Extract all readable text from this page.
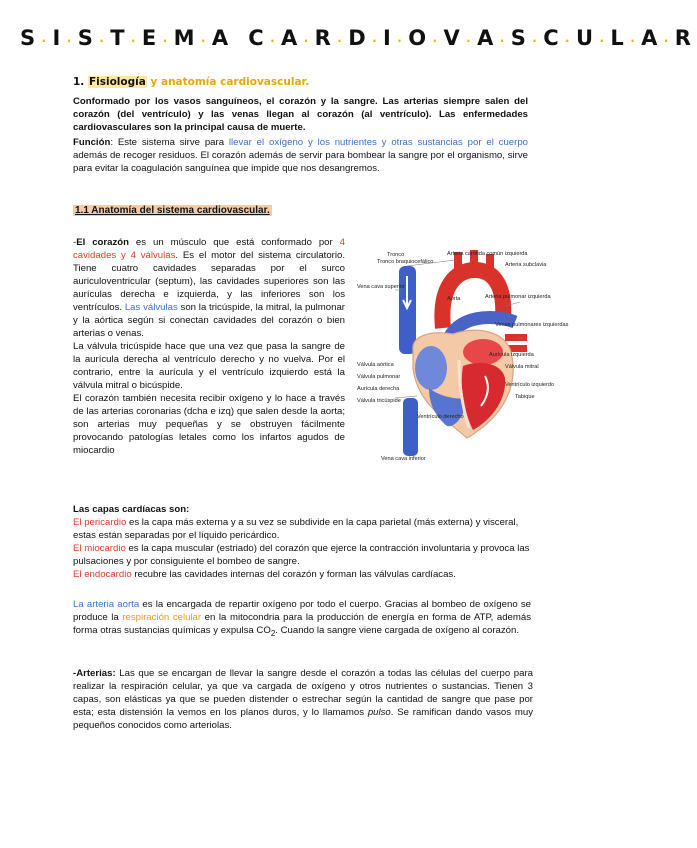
S·I·S·T·E·M·A C·A·R·D·I·O·V·A·S·C·U·L·A·R
1. Fisiología y anatomía cardiovascular.

Conformado por los vasos sanguíneos, el corazón y la sangre. Las arterias siempre salen del corazón (del ventrículo) y las venas llegan al corazón (al ventrículo). Las enfermedades cardiovasculares son la principal causa de muerte.

Función: Este sistema sirve para llevar el oxígeno y los nutrientes y otras sustancias por el cuerpo además de recoger residuos. El corazón además de servir para bombear la sangre por el organismo, sirve para evitar la coagulación sanguínea que impide que nos desangremos.

1.1 Anatomía del sistema cardiovascular.

-El corazón es un músculo que está conformado por 4 cavidades y 4 válvulas. Es el motor del sistema circulatorio. Tiene cuatro cavidades separadas por el surco auriculoventricular (septum), las cavidades superiores son las aurículas derecha e izquierda, y las inferiores son los ventrículos. Las válvulas son la tricúspide, la mitral, la pulmonar y la aórtica según si conectan cavidades del corazón o bien arterias o venas.

La válvula tricúspide hace que una vez que pasa la sangre de la aurícula derecha al ventrículo derecho y no vuelva. Por el contrario, entre la aurícula y el ventrículo izquierdo está la válvula mitral o bicúspide.

El corazón también necesita recibir oxígeno y lo hace a través de las arterias coronarias (dcha e izq) que salen desde la aorta; son arterias muy pequeñas y se obstruyen fácilmente provocando patologías letales como los infartos agudos de miocardio

Tronco
Tronco braquiocefálico
Arteria carótida común izquierda
Arteria subclavia
Vena cava superior
Aorta	Arteria pulmonar izquierda
Venas pulmonares izquierdas
Aurícula izquierda
Válvula mitral
Válvula aórtica
Ventrículo izquierdo
Tabique
Válvula pulmonar
Aurícula derecha
Válvula tricúspide
Ventrículo derecho
Vena cava inferior

Las capas cardíacas son:

El pericardio es la capa más externa y a su vez se subdivide en la capa parietal (más externa) y visceral, estas están separadas por el líquido pericárdico.

El miocardio es la capa muscular (estriado) del corazón que ejerce la contracción involuntaria y provoca las pulsaciones y por consiguiente el bombeo de sangre.

El endocardio recubre las cavidades internas del corazón y forman las válvulas cardíacas.

La arteria aorta es la encargada de repartir oxígeno por todo el cuerpo. Gracias al bombeo de oxígeno se produce la respiración celular en la mitocondria para la producción de energía en forma de ATP, además forma otras sustancias químicas y expulsa $CO_2$. Cuando la sangre viene cargada de oxígeno al corazón.

-Arterias: Las que se encargan de llevar la sangre desde el corazón a todas las células del cuerpo para realizar la respiración celular, ya que va cargada de oxígeno y otros nutrientes o sustancias. Tienen 3 capas, son elásticas ya que se pueden distender o estrechar según la cantidad de sangre que pase por esta; esta distensión la vemos en los planos duros, y lo llamamos pulso. Se ramifican dando vasos muy pequeños conocidos como arteriolas.
